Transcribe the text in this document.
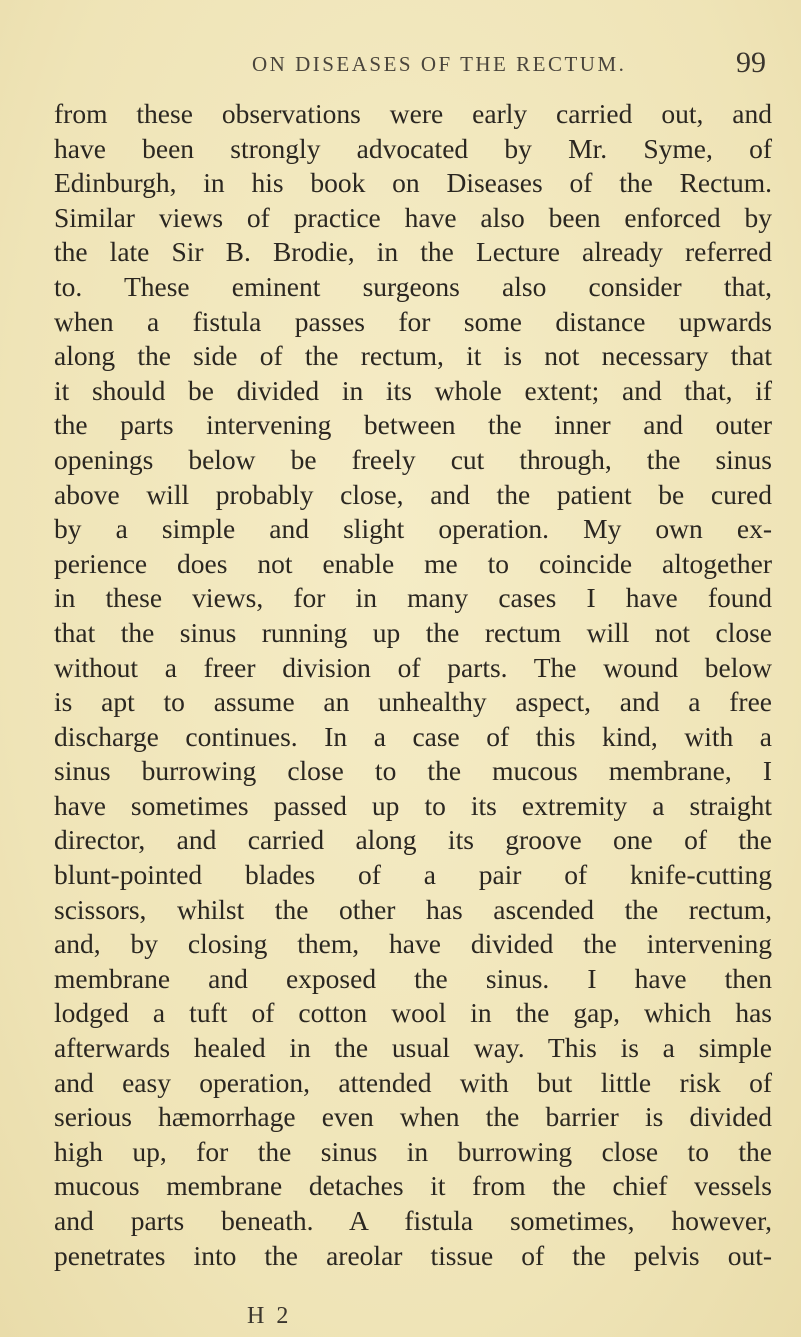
ON DISEASES OF THE RECTUM.	99
from these observations were early carried out, and
have been strongly advocated by Mr. Syme, of
Edinburgh, in his book on Diseases of the Rectum.
Similar views of practice have also been enforced by
the late Sir B. Brodie, in the Lecture already referred
to. These eminent surgeons also consider that,
when a fistula passes for some distance upwards
along the side of the rectum, it is not necessary that
it should be divided in its whole extent; and that, if
the parts intervening between the inner and outer
openings below be freely cut through, the sinus
above will probably close, and the patient be cured
by a simple and slight operation. My own ex-
perience does not enable me to coincide altogether
in these views, for in many cases I have found
that the sinus running up the rectum will not close
without a freer division of parts. The wound below
is apt to assume an unhealthy aspect, and a free
discharge continues. In a case of this kind, with a
sinus burrowing close to the mucous membrane, I
have sometimes passed up to its extremity a straight
director, and carried along its groove one of the
blunt-pointed blades of a pair of knife-cutting
scissors, whilst the other has ascended the rectum,
and, by closing them, have divided the intervening
membrane and exposed the sinus. I have then
lodged a tuft of cotton wool in the gap, which has
afterwards healed in the usual way. This is a simple
and easy operation, attended with but little risk of
serious hæmorrhage even when the barrier is divided
high up, for the sinus in burrowing close to the
mucous membrane detaches it from the chief vessels
and parts beneath. A fistula sometimes, however,
penetrates into the areolar tissue of the pelvis out-
H 2
